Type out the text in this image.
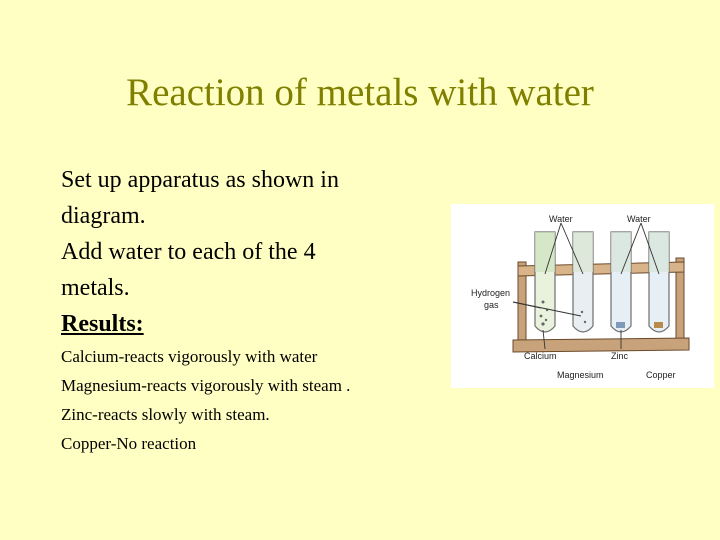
Reaction of metals with water
Set up apparatus as shown in
diagram.
Add water to each of the 4
metals.
Results:
Calcium-reacts vigorously with water
Magnesium-reacts vigorously with steam .
Zinc-reacts slowly with steam.
Copper-No reaction
Water	Water
Hydrogen
gas
Calcium	Zinc
Magnesium	Copper
